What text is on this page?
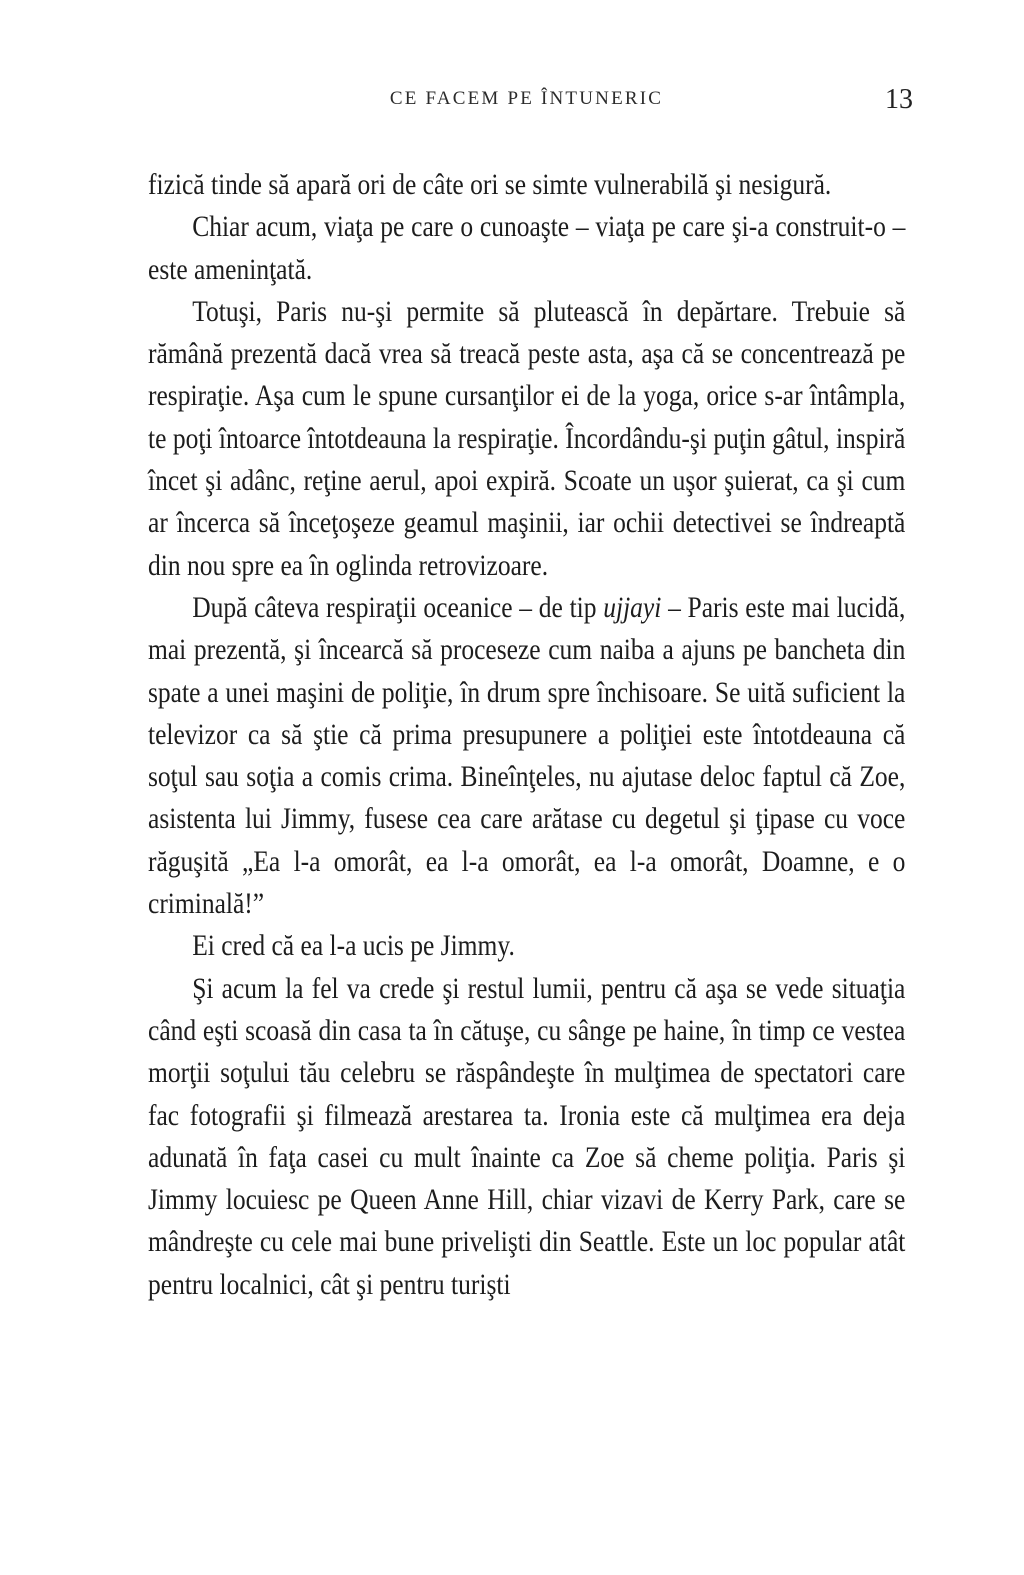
CE FACEM PE ÎNTUNERIC	13

fizică tinde să apară ori de câte ori se simte vulnerabilă şi nesigură.

Chiar acum, viaţa pe care o cunoaşte – viaţa pe care şi-a construit-o – este ameninţată.

Totuşi, Paris nu-şi permite să plutească în depărtare. Trebuie să rămână prezentă dacă vrea să treacă peste asta, aşa că se concentrează pe respiraţie. Aşa cum le spune cursanţilor ei de la yoga, orice s-ar întâmpla, te poţi întoarce întotdeauna la respiraţie. Încordându-şi puţin gâtul, inspiră încet şi adânc, reţine aerul, apoi expiră. Scoate un uşor şuierat, ca şi cum ar încerca să înceţoşeze geamul maşinii, iar ochii detectivei se îndreaptă din nou spre ea în oglinda retrovizoare.

După câteva respiraţii oceanice – de tip ujjayi – Paris este mai lucidă, mai prezentă, şi încearcă să proceseze cum naiba a ajuns pe bancheta din spate a unei maşini de poliţie, în drum spre închisoare. Se uită suficient la televizor ca să ştie că prima presupunere a poliţiei este întotdeauna că soţul sau soţia a comis crima. Bineînţeles, nu ajutase deloc faptul că Zoe, asistenta lui Jimmy, fusese cea care arătase cu degetul şi ţipase cu voce răguşită „Ea l-a omorât, ea l-a omorât, ea l-a omorât, Doamne, e o criminală!”

Ei cred că ea l-a ucis pe Jimmy.

Şi acum la fel va crede şi restul lumii, pentru că aşa se vede situaţia când eşti scoasă din casa ta în cătuşe, cu sânge pe haine, în timp ce vestea morţii soţului tău celebru se răspândeşte în mulţimea de spectatori care fac fotografii şi filmează arestarea ta. Ironia este că mulţimea era deja adunată în faţa casei cu mult înainte ca Zoe să cheme poliţia. Paris şi Jimmy locuiesc pe Queen Anne Hill, chiar vizavi de Kerry Park, care se mândreşte cu cele mai bune privelişti din Seattle. Este un loc popular atât pentru localnici, cât şi pentru turişti
